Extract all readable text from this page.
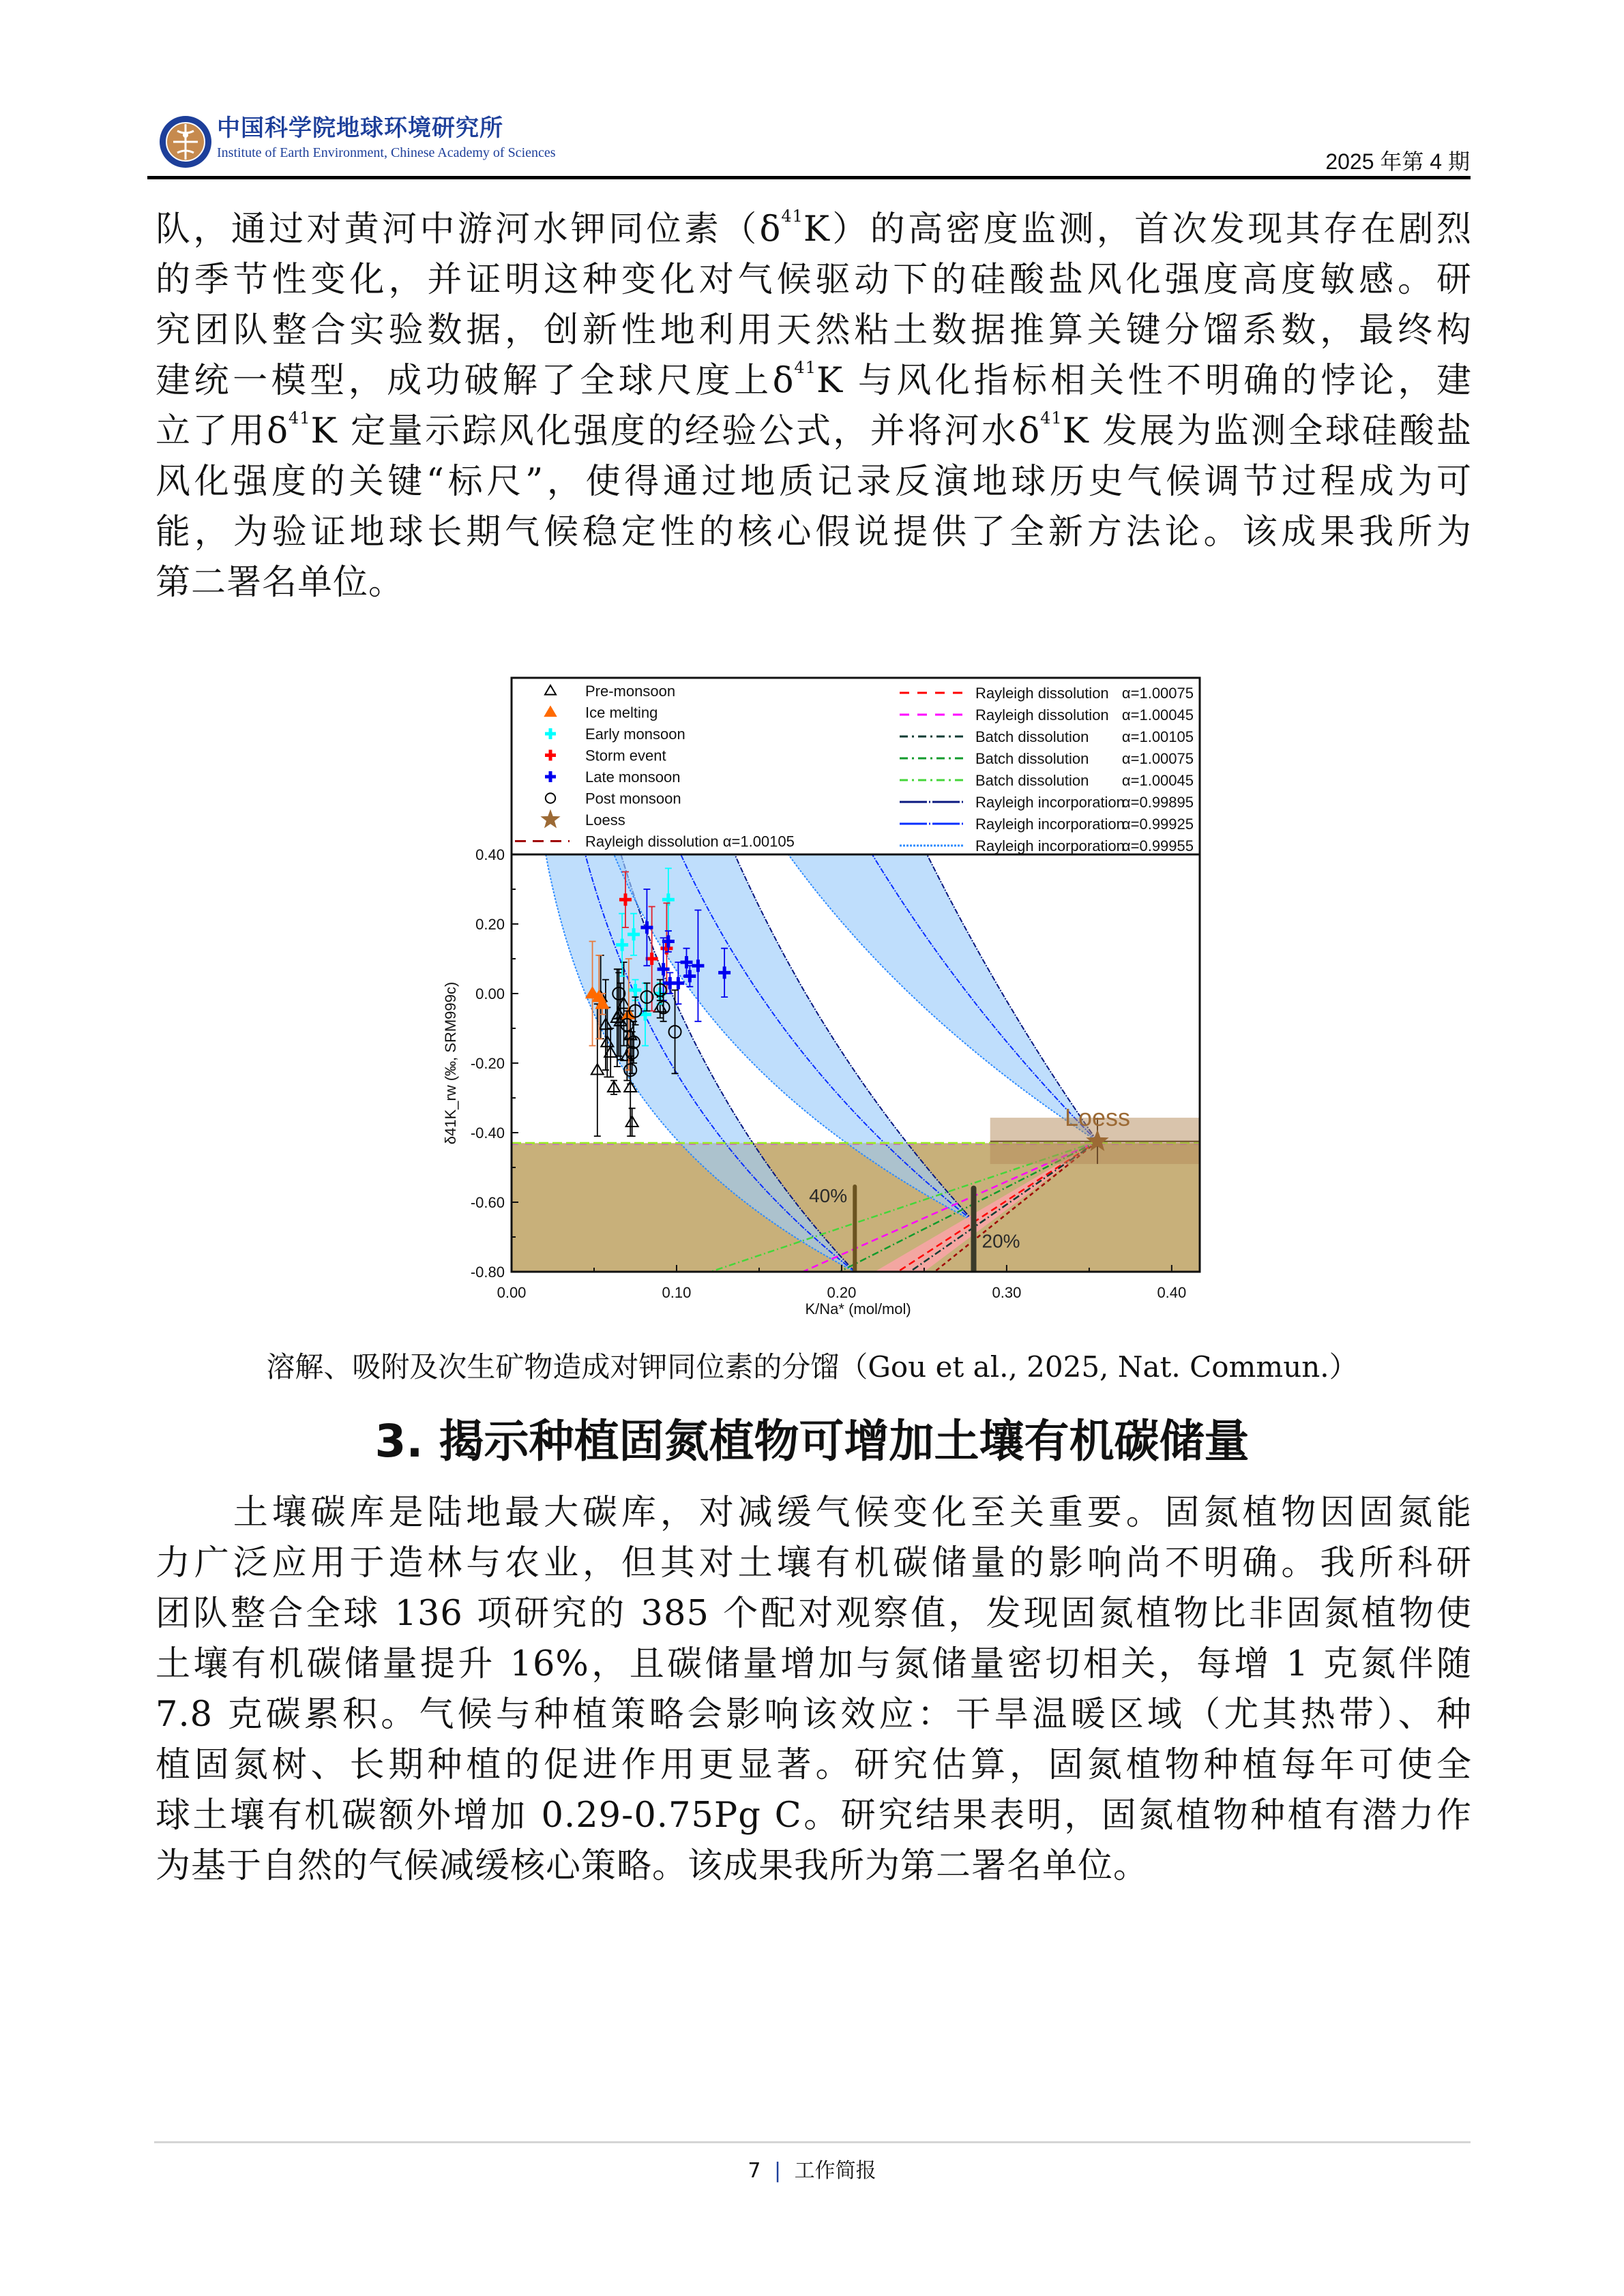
中国科学院地球环境研究所
Institute of Earth Environment, Chinese Academy of Sciences	2025 年第 4 期
队，通过对黄河中游河水钾同位素$(\delta^{41}K)$的高密度监测，首次发现其存在剧烈
的季节性变化，并证明这种变化对气候驱动下的硅酸盐风化强度高度敏感。研
究团队整合实验数据，创新性地利用天然粘土数据推算关键分馏系数，最终构
建统一模型，成功破解了全球尺度上$\delta^{41}K$ 与风化指标相关性不明确的悖论，建
立了用$\delta^{41}K$ 定量示踪风化强度的经验公式，并将河水$\delta^{41}K$ 发展为监测全球硅酸盐
风化强度的关键“标尺”，使得通过地质记录反演地球历史气候调节过程成为可
能，为验证地球长期气候稳定性的核心假说提供了全新方法论。该成果我所为
第二署名单位。
Loess
40%
20%
Pre-monsoon
Ice melting
Early monsoon
Storm event
Late monsoon
Post monsoon
Loess
Rayleigh dissolution α=1.00105
Rayleigh dissolution α=1.00075
Rayleigh dissolution α=1.00045
Batch dissolution α=1.00105
Batch dissolution α=1.00075
Batch dissolution α=1.00045
Rayleigh incorporation
α=0.99895
Rayleigh incorporation
α=0.99925
Rayleigh incorporation
α=0.99955
0.00	0.10	0.20	0.30	0.40
0.40
0.20
0.00
-0.20
-0.40
-0.60
-0.80
K/Na* (mol/mol)
δ41K_rw (‰, SRM999c)
溶解、吸附及次生矿物造成对钾同位素的分馏（Gou et al., 2025, Nat. Commun.）
3. 揭示种植固氮植物可增加土壤有机碳储量
　　土壤碳库是陆地最大碳库，对减缓气候变化至关重要。固氮植物因固氮能
力广泛应用于造林与农业，但其对土壤有机碳储量的影响尚不明确。我所科研
团队整合全球 136 项研究的 385 个配对观察值，发现固氮植物比非固氮植物使
土壤有机碳储量提升 16%，且碳储量增加与氮储量密切相关，每增 1 克氮伴随
7.8 克碳累积。气候与种植策略会影响该效应：干旱温暖区域（尤其热带）、种
植固氮树、长期种植的促进作用更显著。研究估算，固氮植物种植每年可使全
球土壤有机碳额外增加 0.29-0.75Pg C。研究结果表明，固氮植物种植有潜力作
为基于自然的气候减缓核心策略。该成果我所为第二署名单位。
7 | 工作简报
